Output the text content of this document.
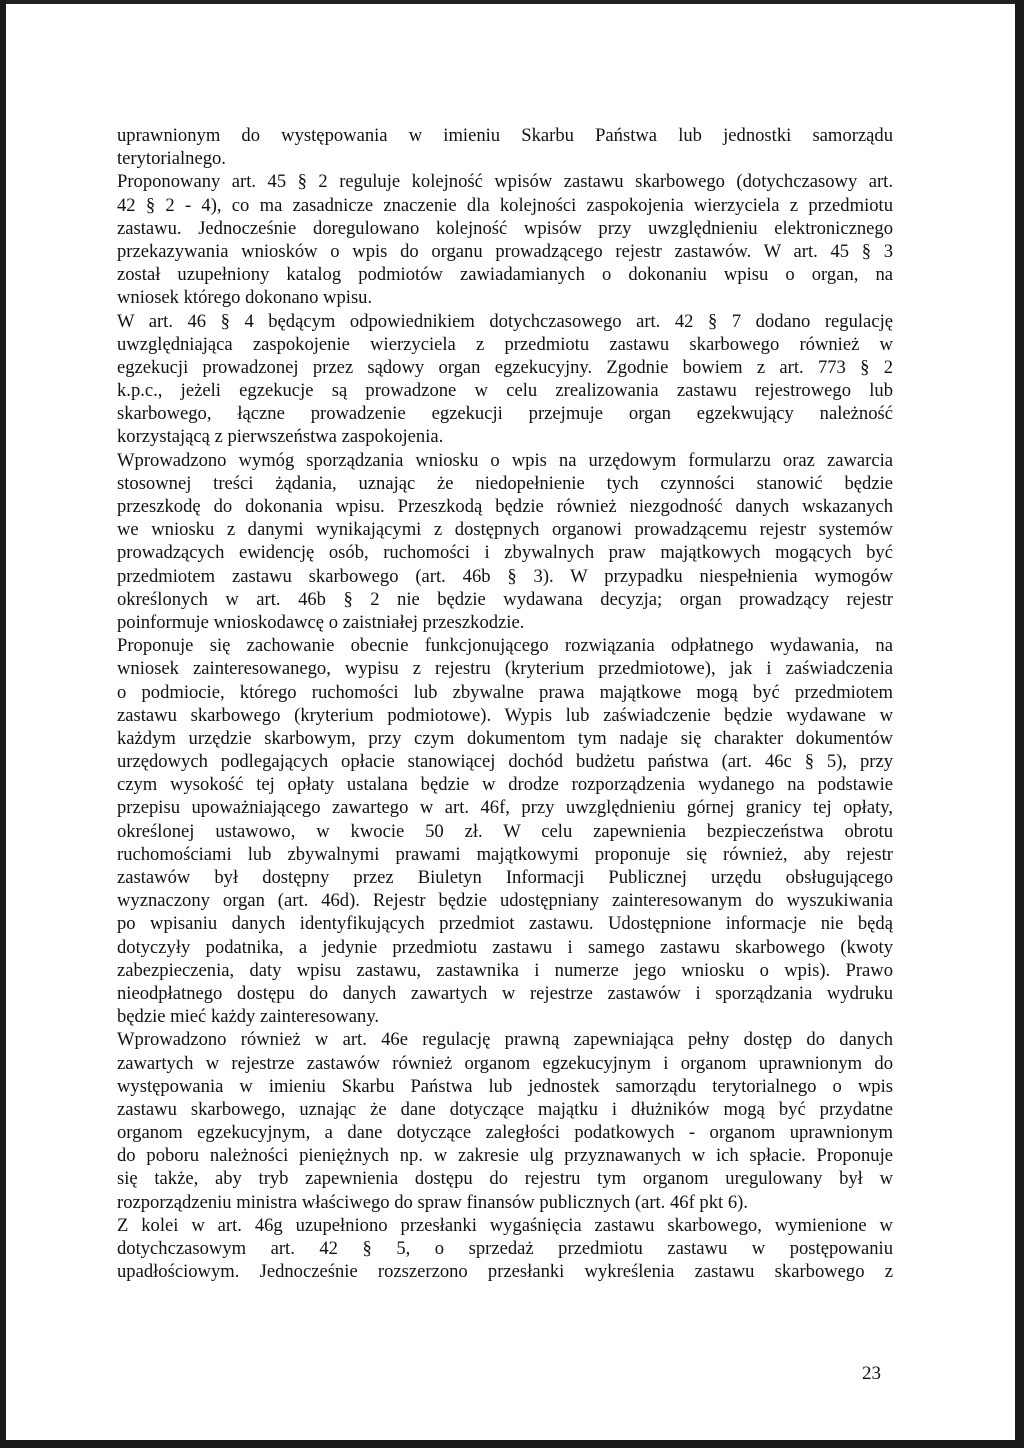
uprawnionym do występowania w imieniu Skarbu Państwa lub jednostki samorządu
terytorialnego.
Proponowany art. 45 § 2 reguluje kolejność wpisów zastawu skarbowego (dotychczasowy art.
42 § 2 - 4), co ma zasadnicze znaczenie dla kolejności zaspokojenia wierzyciela z przedmiotu
zastawu. Jednocześnie doregulowano kolejność wpisów przy uwzględnieniu elektronicznego
przekazywania wniosków o wpis do organu prowadzącego rejestr zastawów. W art. 45 § 3
został uzupełniony katalog podmiotów zawiadamianych o dokonaniu wpisu o organ, na
wniosek którego dokonano wpisu.
W art. 46 § 4 będącym odpowiednikiem dotychczasowego art. 42 § 7 dodano regulację
uwzględniająca zaspokojenie wierzyciela z przedmiotu zastawu skarbowego również w
egzekucji prowadzonej przez sądowy organ egzekucyjny. Zgodnie bowiem z art. 773 § 2
k.p.c., jeżeli egzekucje są prowadzone w celu zrealizowania zastawu rejestrowego lub
skarbowego, łączne prowadzenie egzekucji przejmuje organ egzekwujący należność
korzystającą z pierwszeństwa zaspokojenia.
Wprowadzono wymóg sporządzania wniosku o wpis na urzędowym formularzu oraz zawarcia
stosownej treści żądania, uznając że niedopełnienie tych czynności stanowić będzie
przeszkodę do dokonania wpisu. Przeszkodą będzie również niezgodność danych wskazanych
we wniosku z danymi wynikającymi z dostępnych organowi prowadzącemu rejestr systemów
prowadzących ewidencję osób, ruchomości i zbywalnych praw majątkowych mogących być
przedmiotem zastawu skarbowego (art. 46b § 3). W przypadku niespełnienia wymogów
określonych w art. 46b § 2 nie będzie wydawana decyzja; organ prowadzący rejestr
poinformuje wnioskodawcę o zaistniałej przeszkodzie.
Proponuje się zachowanie obecnie funkcjonującego rozwiązania odpłatnego wydawania, na
wniosek zainteresowanego, wypisu z rejestru (kryterium przedmiotowe), jak i zaświadczenia
o podmiocie, którego ruchomości lub zbywalne prawa majątkowe mogą być przedmiotem
zastawu skarbowego (kryterium podmiotowe). Wypis lub zaświadczenie będzie wydawane w
każdym urzędzie skarbowym, przy czym dokumentom tym nadaje się charakter dokumentów
urzędowych podlegających opłacie stanowiącej dochód budżetu państwa (art. 46c § 5), przy
czym wysokość tej opłaty ustalana będzie w drodze rozporządzenia wydanego na podstawie
przepisu upoważniającego zawartego w art. 46f, przy uwzględnieniu górnej granicy tej opłaty,
określonej ustawowo, w kwocie 50 zł. W celu zapewnienia bezpieczeństwa obrotu
ruchomościami lub zbywalnymi prawami majątkowymi proponuje się również, aby rejestr
zastawów był dostępny przez Biuletyn Informacji Publicznej urzędu obsługującego
wyznaczony organ (art. 46d). Rejestr będzie udostępniany zainteresowanym do wyszukiwania
po wpisaniu danych identyfikujących przedmiot zastawu. Udostępnione informacje nie będą
dotyczyły podatnika, a jedynie przedmiotu zastawu i samego zastawu skarbowego (kwoty
zabezpieczenia, daty wpisu zastawu, zastawnika i numerze jego wniosku o wpis). Prawo
nieodpłatnego dostępu do danych zawartych w rejestrze zastawów i sporządzania wydruku
będzie mieć każdy zainteresowany.
Wprowadzono również w art. 46e regulację prawną zapewniająca pełny dostęp do danych
zawartych w rejestrze zastawów również organom egzekucyjnym i organom uprawnionym do
występowania w imieniu Skarbu Państwa lub jednostek samorządu terytorialnego o wpis
zastawu skarbowego, uznając że dane dotyczące majątku i dłużników mogą być przydatne
organom egzekucyjnym, a dane dotyczące zaległości podatkowych - organom uprawnionym
do poboru należności pieniężnych np. w zakresie ulg przyznawanych w ich spłacie. Proponuje
się także, aby tryb zapewnienia dostępu do rejestru tym organom uregulowany był w
rozporządzeniu ministra właściwego do spraw finansów publicznych (art. 46f pkt 6).
Z kolei w art. 46g uzupełniono przesłanki wygaśnięcia zastawu skarbowego, wymienione w
dotychczasowym art. 42 § 5, o sprzedaż przedmiotu zastawu w postępowaniu
upadłościowym. Jednocześnie rozszerzono przesłanki wykreślenia zastawu skarbowego z
23
